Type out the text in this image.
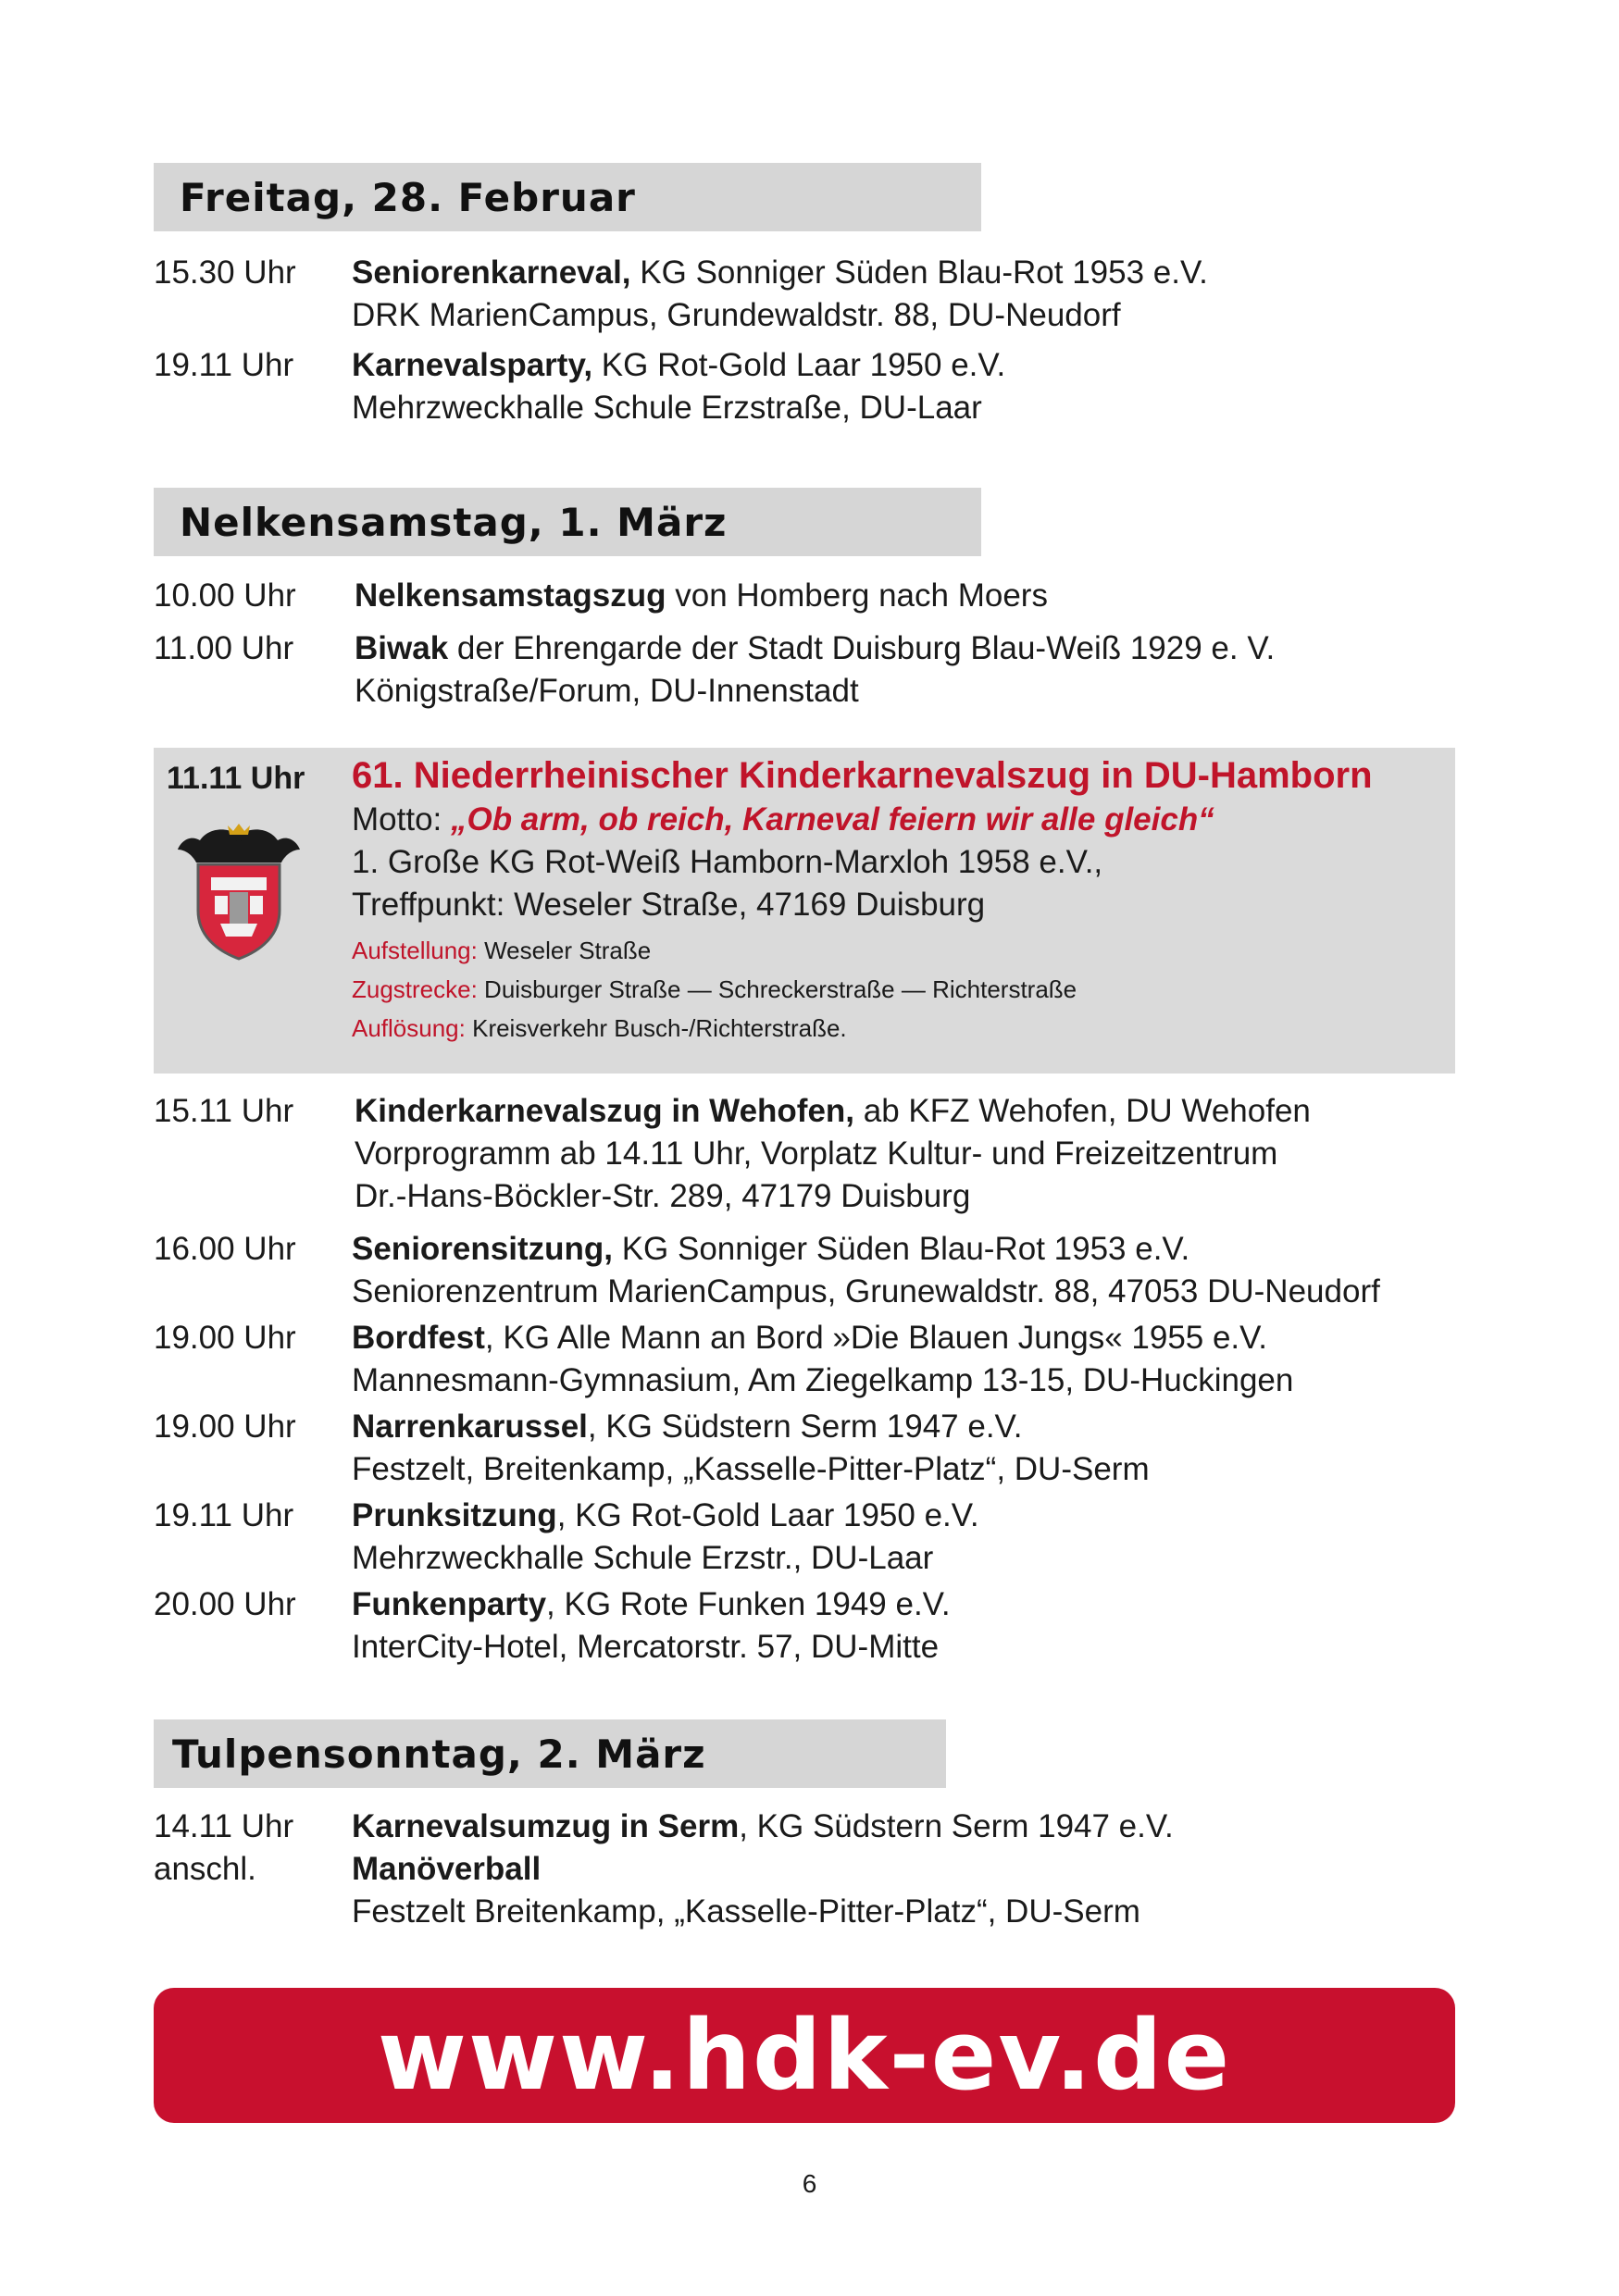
Freitag, 28. Februar
15.30 Uhr Seniorenkarneval, KG Sonniger Süden Blau-Rot 1953 e.V.
DRK MarienCampus, Grundewaldstr. 88, DU-Neudorf
19.11 Uhr Karnevalsparty, KG Rot-Gold Laar 1950 e.V.
Mehrzweckhalle Schule Erzstraße, DU-Laar
Nelkensamstag, 1. März
10.00 Uhr Nelkensamstagszug von Homberg nach Moers
11.00 Uhr Biwak der Ehrengarde der Stadt Duisburg Blau-Weiß 1929 e. V.
Königstraße/Forum, DU-Innenstadt
11.11 Uhr 61. Niederrheinischer Kinderkarnevalszug in DU-Hamborn
Motto: „Ob arm, ob reich, Karneval feiern wir alle gleich“
1. Große KG Rot-Weiß Hamborn-Marxloh 1958 e.V.,
Treffpunkt: Weseler Straße, 47169 Duisburg
Aufstellung: Weseler Straße
Zugstrecke: Duisburger Straße — Schreckerstraße — Richterstraße
Auflösung: Kreisverkehr Busch-/Richterstraße.
15.11 Uhr Kinderkarnevalszug in Wehofen, ab KFZ Wehofen, DU Wehofen
Vorprogramm ab 14.11 Uhr, Vorplatz Kultur- und Freizeitzentrum
Dr.-Hans-Böckler-Str. 289, 47179 Duisburg
16.00 Uhr Seniorensitzung, KG Sonniger Süden Blau-Rot 1953 e.V.
Seniorenzentrum MarienCampus, Grunewaldstr. 88, 47053 DU-Neudorf
19.00 Uhr Bordfest, KG Alle Mann an Bord »Die Blauen Jungs« 1955 e.V.
Mannesmann-Gymnasium, Am Ziegelkamp 13-15, DU-Huckingen
19.00 Uhr Narrenkarussel, KG Südstern Serm 1947 e.V.
Festzelt, Breitenkamp, „Kasselle-Pitter-Platz“, DU-Serm
19.11 Uhr Prunksitzung, KG Rot-Gold Laar 1950 e.V.
Mehrzweckhalle Schule Erzstr., DU-Laar
20.00 Uhr Funkenparty, KG Rote Funken 1949 e.V.
InterCity-Hotel, Mercatorstr. 57, DU-Mitte
Tulpensonntag, 2. März
14.11 Uhr Karnevalsumzug in Serm, KG Südstern Serm 1947 e.V.
anschl.	Manöverball
Festzelt Breitenkamp, „Kasselle-Pitter-Platz“, DU-Serm
www.hdk-ev.de
6
